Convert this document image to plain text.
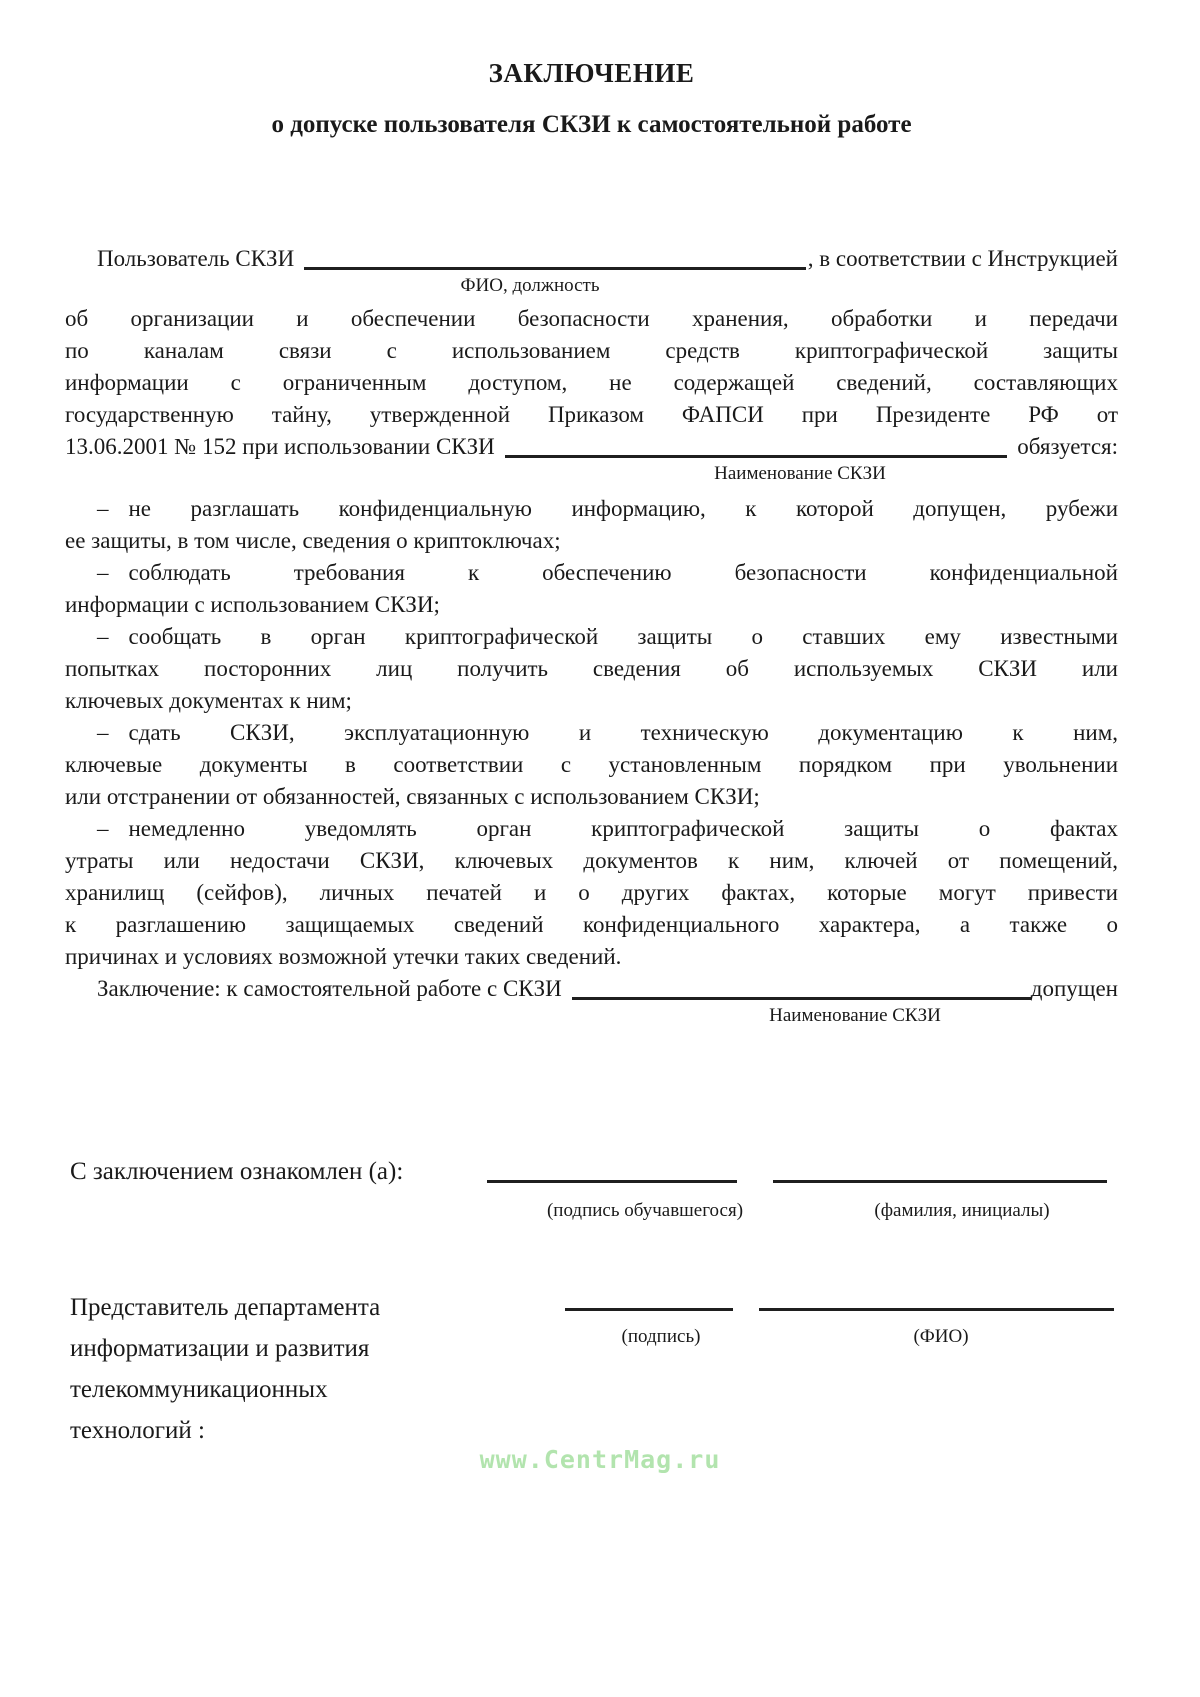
ЗАКЛЮЧЕНИЕ
о допуске пользователя СКЗИ к самостоятельной работе
Пользователь СКЗИ	, в соответствии с Инструкцией
ФИО, должность
об организации и обеспечении безопасности хранения, обработки и передачи
по каналам связи с использованием средств криптографической защиты
информации с ограниченным доступом, не содержащей сведений, составляющих
государственную тайну, утвержденной Приказом ФАПСИ при Президенте РФ от
13.06.2001 № 152 при использовании СКЗИ	обязуется:
Наименование СКЗИ
– не разглашать конфиденциальную информацию, к которой допущен, рубежи
ее защиты, в том числе, сведения о криптоключах;
– соблюдать требования к обеспечению безопасности конфиденциальной
информации с использованием СКЗИ;
– сообщать в орган криптографической защиты о ставших ему известными
попытках посторонних лиц получить сведения об используемых СКЗИ или
ключевых документах к ним;
– сдать СКЗИ, эксплуатационную и техническую документацию к ним,
ключевые документы в соответствии с установленным порядком при увольнении
или отстранении от обязанностей, связанных с использованием СКЗИ;
– немедленно уведомлять орган криптографической защиты о фактах
утраты или недостачи СКЗИ, ключевых документов к ним, ключей от помещений,
хранилищ (сейфов), личных печатей и о других фактах, которые могут привести
к разглашению защищаемых сведений конфиденциального характера, а также о
причинах и условиях возможной утечки таких сведений.
Заключение: к самостоятельной работе с СКЗИ	допущен
Наименование СКЗИ
С заключением ознакомлен (а):
(подпись обучавшегося)	(фамилия, инициалы)
Представитель департамента
информатизации и развития
телекоммуникационных
технологий :
(подпись)	(ФИО)
www.CentrMag.ru
